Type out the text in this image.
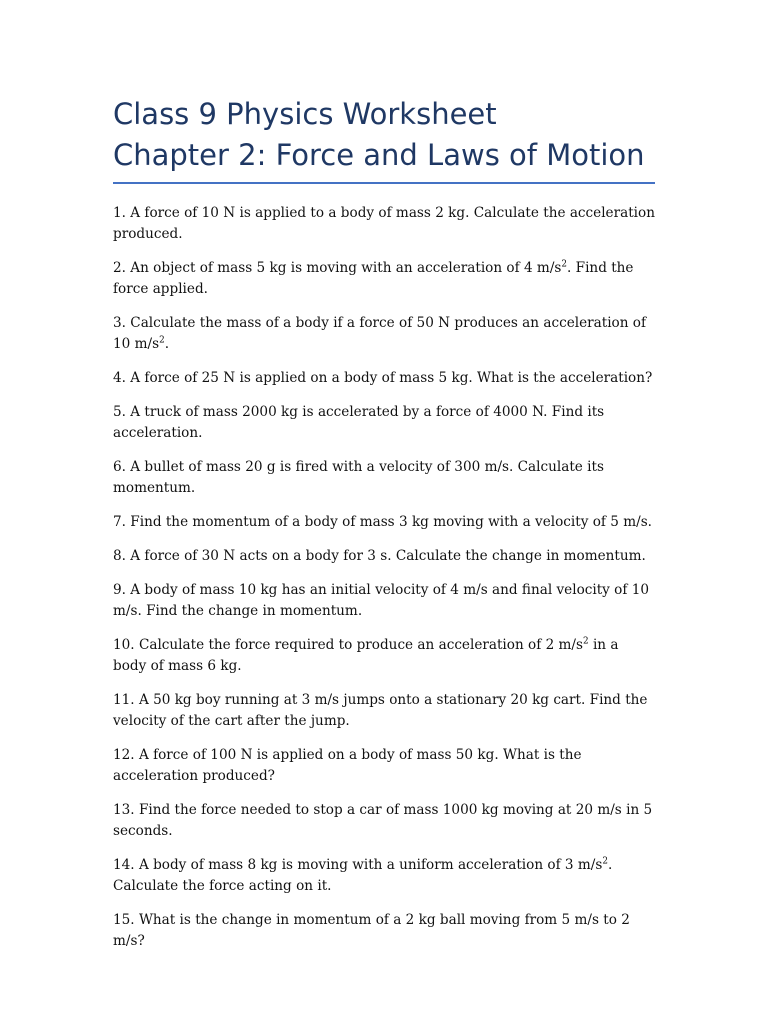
Class 9 Physics Worksheet
Chapter 2: Force and Laws of Motion

1. A force of 10 N is applied to a body of mass 2 kg. Calculate the acceleration produced.

2. An object of mass 5 kg is moving with an acceleration of 4 $m/s^2$. Find the force applied.

3. Calculate the mass of a body if a force of 50 N produces an acceleration of 10 $m/s^2$.

4. A force of 25 N is applied on a body of mass 5 kg. What is the acceleration?

5. A truck of mass 2000 kg is accelerated by a force of 4000 N. Find its acceleration.

6. A bullet of mass 20 g is fired with a velocity of 300 m/s. Calculate its momentum.

7. Find the momentum of a body of mass 3 kg moving with a velocity of 5 m/s.

8. A force of 30 N acts on a body for 3 s. Calculate the change in momentum.

9. A body of mass 10 kg has an initial velocity of 4 m/s and final velocity of 10 m/s. Find the change in momentum.

10. Calculate the force required to produce an acceleration of 2 $m/s^2$ in a body of mass 6 kg.

11. A 50 kg boy running at 3 m/s jumps onto a stationary 20 kg cart. Find the velocity of the cart after the jump.

12. A force of 100 N is applied on a body of mass 50 kg. What is the acceleration produced?

13. Find the force needed to stop a car of mass 1000 kg moving at 20 m/s in 5 seconds.

14. A body of mass 8 kg is moving with a uniform acceleration of 3 $m/s^2$. Calculate the force acting on it.

15. What is the change in momentum of a 2 kg ball moving from 5 m/s to 2 m/s?
